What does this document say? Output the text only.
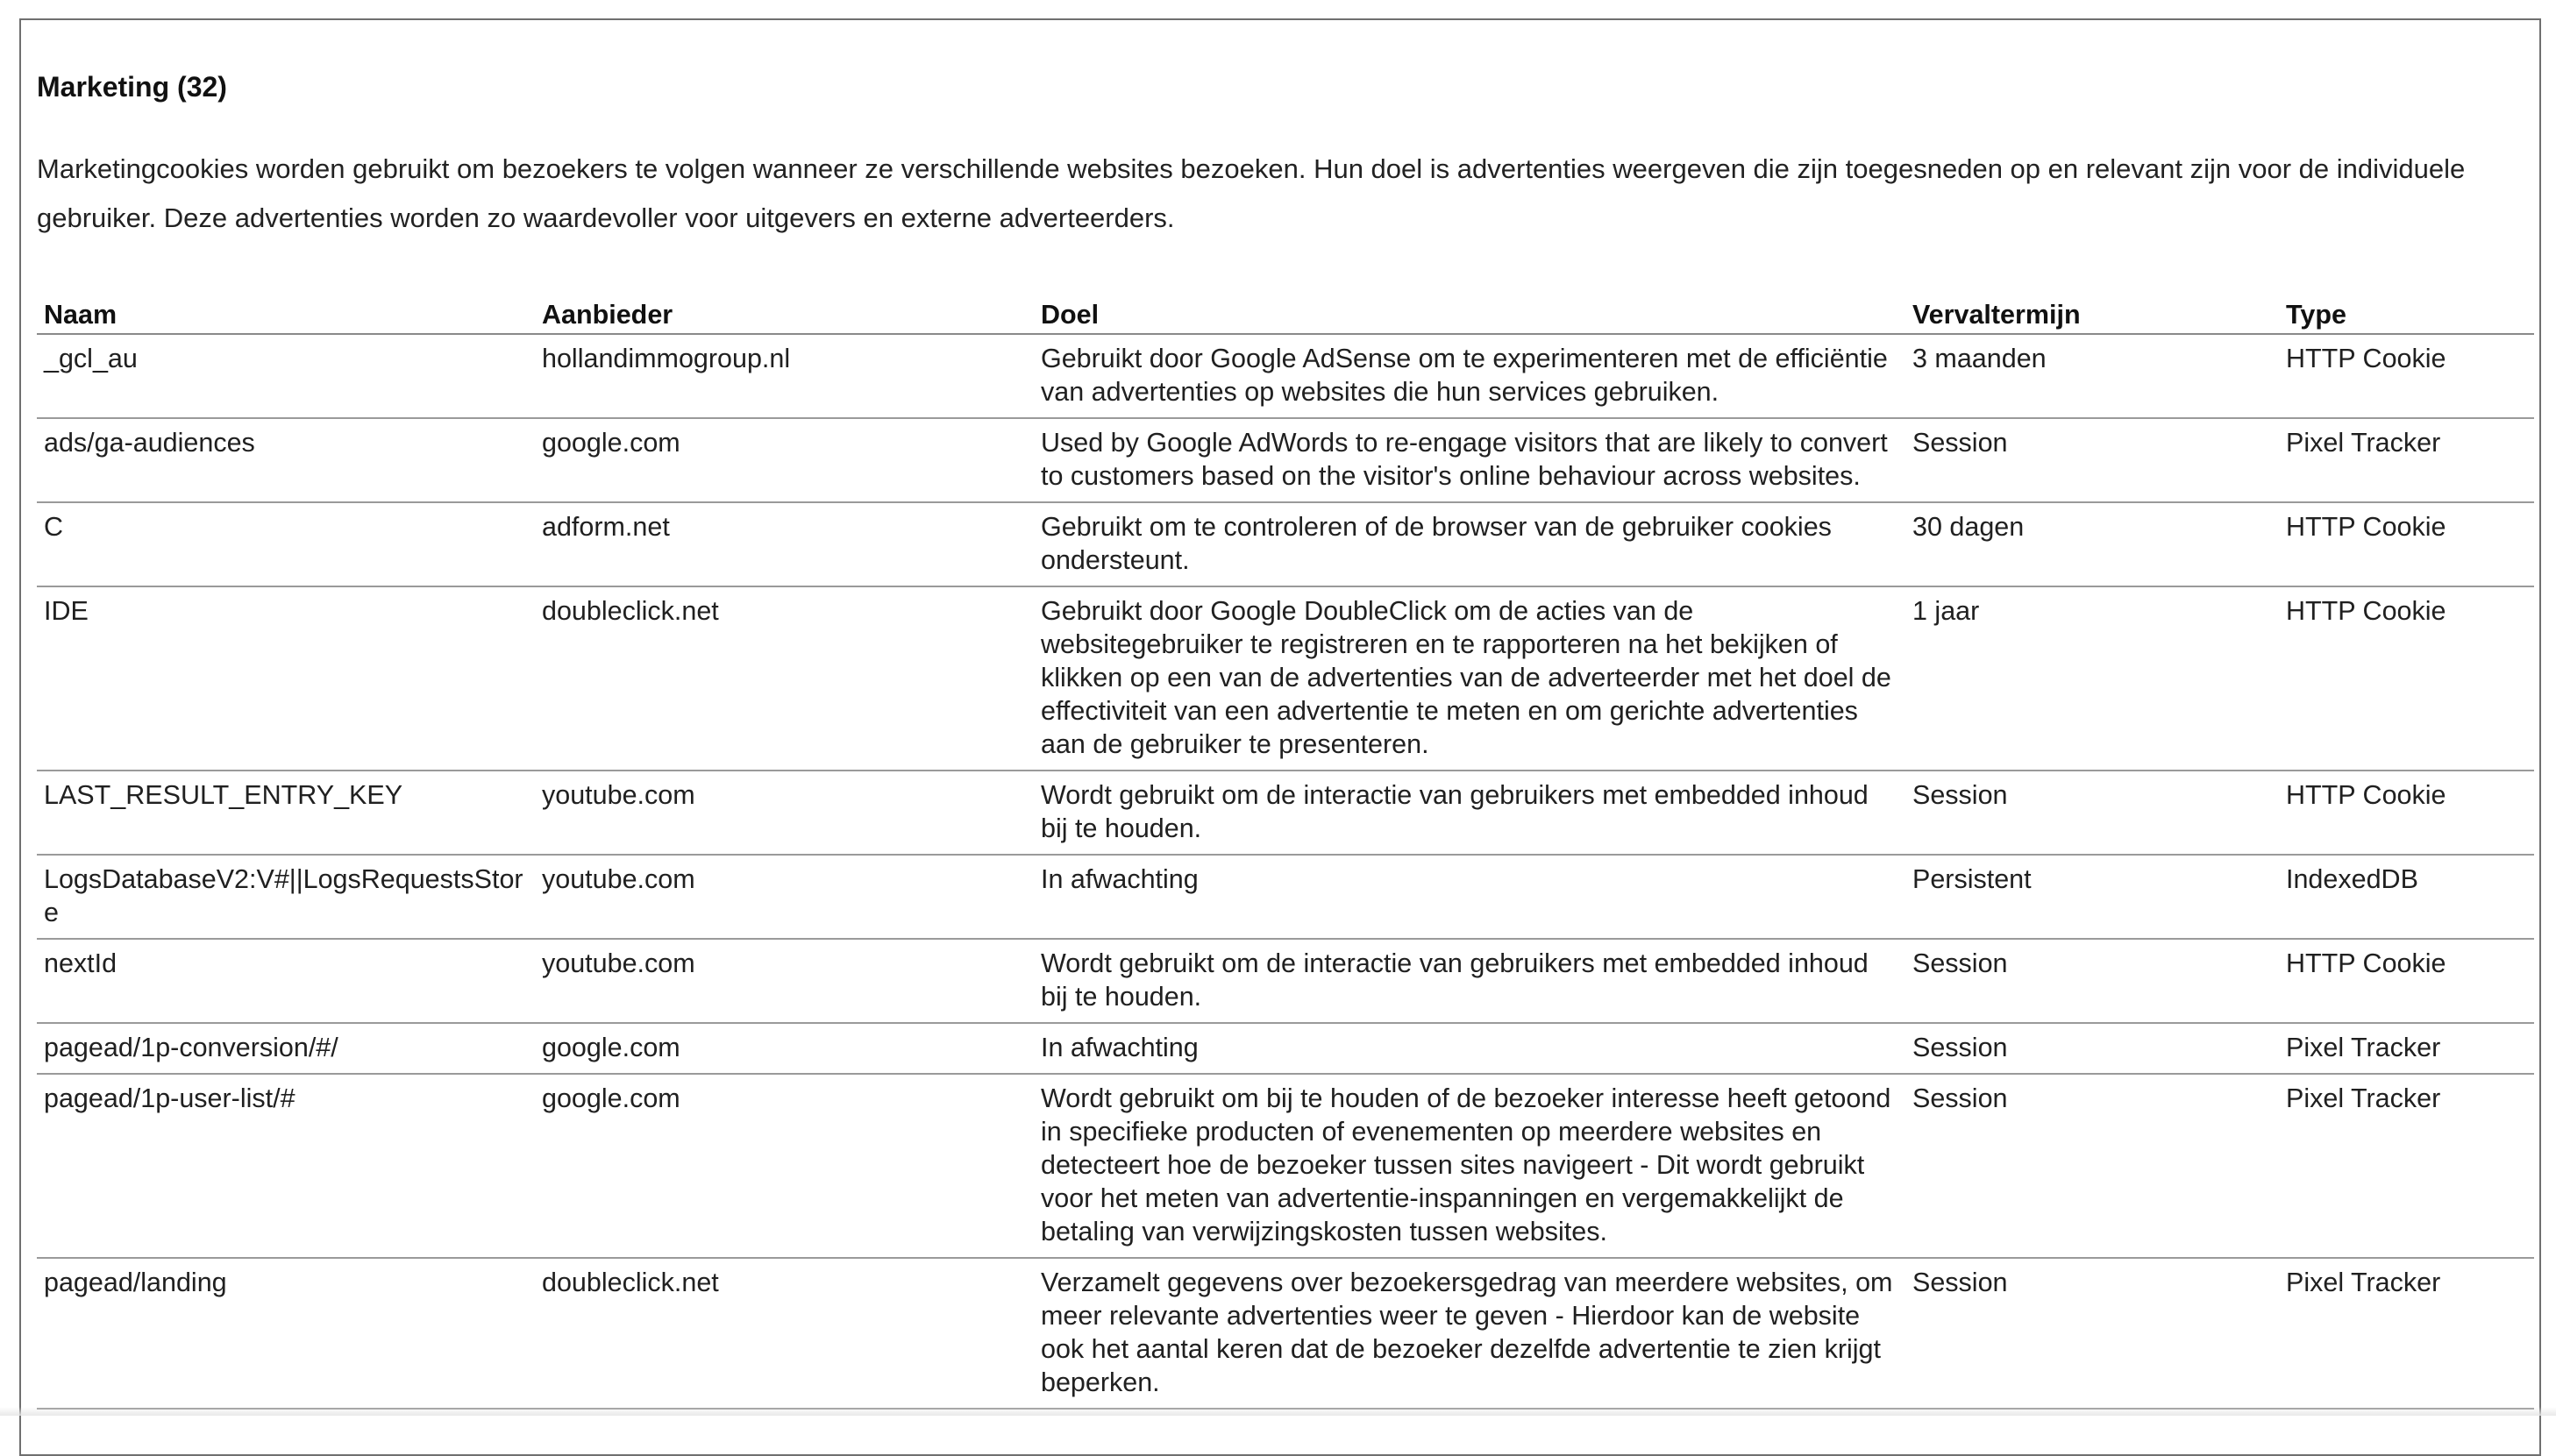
Marketing (32)

Marketingcookies worden gebruikt om bezoekers te volgen wanneer ze verschillende websites bezoeken. Hun doel is advertenties weergeven die zijn toegesneden op en relevant zijn voor de individuele gebruiker. Deze advertenties worden zo waardevoller voor uitgevers en externe adverteerders.

Naam	Aanbieder	Doel	Vervaltermijn	Type
_gcl_au	hollandimmogroup.nl	Gebruikt door Google AdSense om te experimenteren met de efficiëntie van advertenties op websites die hun services gebruiken.	3 maanden	HTTP Cookie
ads/ga-audiences	google.com	Used by Google AdWords to re-engage visitors that are likely to convert to customers based on the visitor's online behaviour across websites.	Session	Pixel Tracker
C	adform.net	Gebruikt om te controleren of de browser van de gebruiker cookies ondersteunt.	30 dagen	HTTP Cookie
IDE	doubleclick.net	Gebruikt door Google DoubleClick om de acties van de websitegebruiker te registreren en te rapporteren na het bekijken of klikken op een van de advertenties van de adverteerder met het doel de effectiviteit van een advertentie te meten en om gerichte advertenties aan de gebruiker te presenteren.	1 jaar	HTTP Cookie
LAST_RESULT_ENTRY_KEY	youtube.com	Wordt gebruikt om de interactie van gebruikers met embedded inhoud bij te houden.	Session	HTTP Cookie
LogsDatabaseV2:V#||LogsRequestsStore	youtube.com	In afwachting	Persistent	IndexedDB
nextId	youtube.com	Wordt gebruikt om de interactie van gebruikers met embedded inhoud bij te houden.	Session	HTTP Cookie
pagead/1p-conversion/#/	google.com	In afwachting	Session	Pixel Tracker
pagead/1p-user-list/#	google.com	Wordt gebruikt om bij te houden of de bezoeker interesse heeft getoond in specifieke producten of evenementen op meerdere websites en detecteert hoe de bezoeker tussen sites navigeert - Dit wordt gebruikt voor het meten van advertentie-inspanningen en vergemakkelijkt de betaling van verwijzingskosten tussen websites.	Session	Pixel Tracker
pagead/landing	doubleclick.net	Verzamelt gegevens over bezoekersgedrag van meerdere websites, om meer relevante advertenties weer te geven - Hierdoor kan de website ook het aantal keren dat de bezoeker dezelfde advertentie te zien krijgt beperken.	Session	Pixel Tracker
